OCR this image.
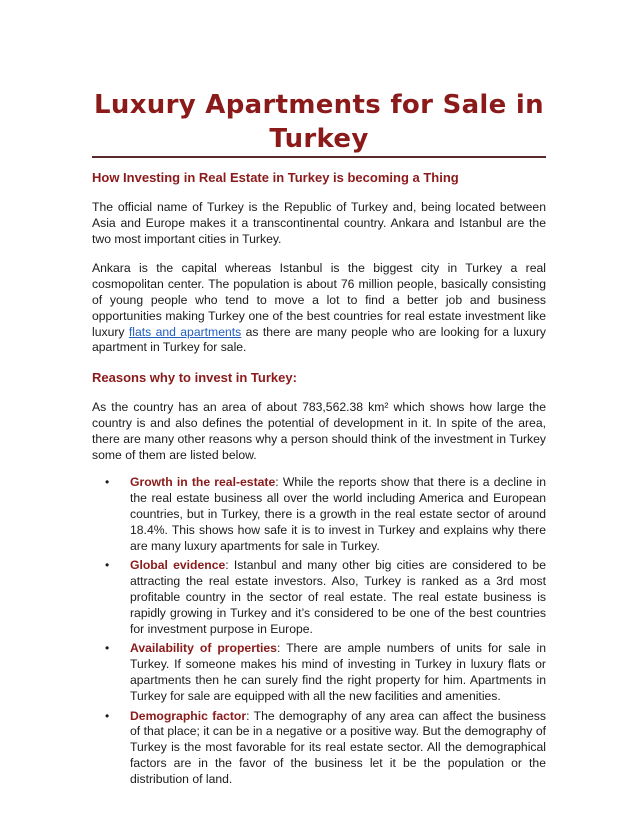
Luxury Apartments for Sale in Turkey
How Investing in Real Estate in Turkey is becoming a Thing

The official name of Turkey is the Republic of Turkey and, being located between Asia and Europe makes it a transcontinental country. Ankara and Istanbul are the two most important cities in Turkey.

Ankara is the capital whereas Istanbul is the biggest city in Turkey a real cosmopolitan center. The population is about 76 million people, basically consisting of young people who tend to move a lot to find a better job and business opportunities making Turkey one of the best countries for real estate investment like luxury flats and apartments as there are many people who are looking for a luxury apartment in Turkey for sale.

Reasons why to invest in Turkey:

As the country has an area of about 783,562.38 km² which shows how large the country is and also defines the potential of development in it. In spite of the area, there are many other reasons why a person should think of the investment in Turkey some of them are listed below.

• Growth in the real-estate: While the reports show that there is a decline in the real estate business all over the world including America and European countries, but in Turkey, there is a growth in the real estate sector of around 18.4%. This shows how safe it is to invest in Turkey and explains why there are many luxury apartments for sale in Turkey.
• Global evidence: Istanbul and many other big cities are considered to be attracting the real estate investors. Also, Turkey is ranked as a 3rd most profitable country in the sector of real estate. The real estate business is rapidly growing in Turkey and it’s considered to be one of the best countries for investment purpose in Europe.
• Availability of properties: There are ample numbers of units for sale in Turkey. If someone makes his mind of investing in Turkey in luxury flats or apartments then he can surely find the right property for him. Apartments in Turkey for sale are equipped with all the new facilities and amenities.
• Demographic factor: The demography of any area can affect the business of that place; it can be in a negative or a positive way. But the demography of Turkey is the most favorable for its real estate sector. All the demographical factors are in the favor of the business let it be the population or the distribution of land.
